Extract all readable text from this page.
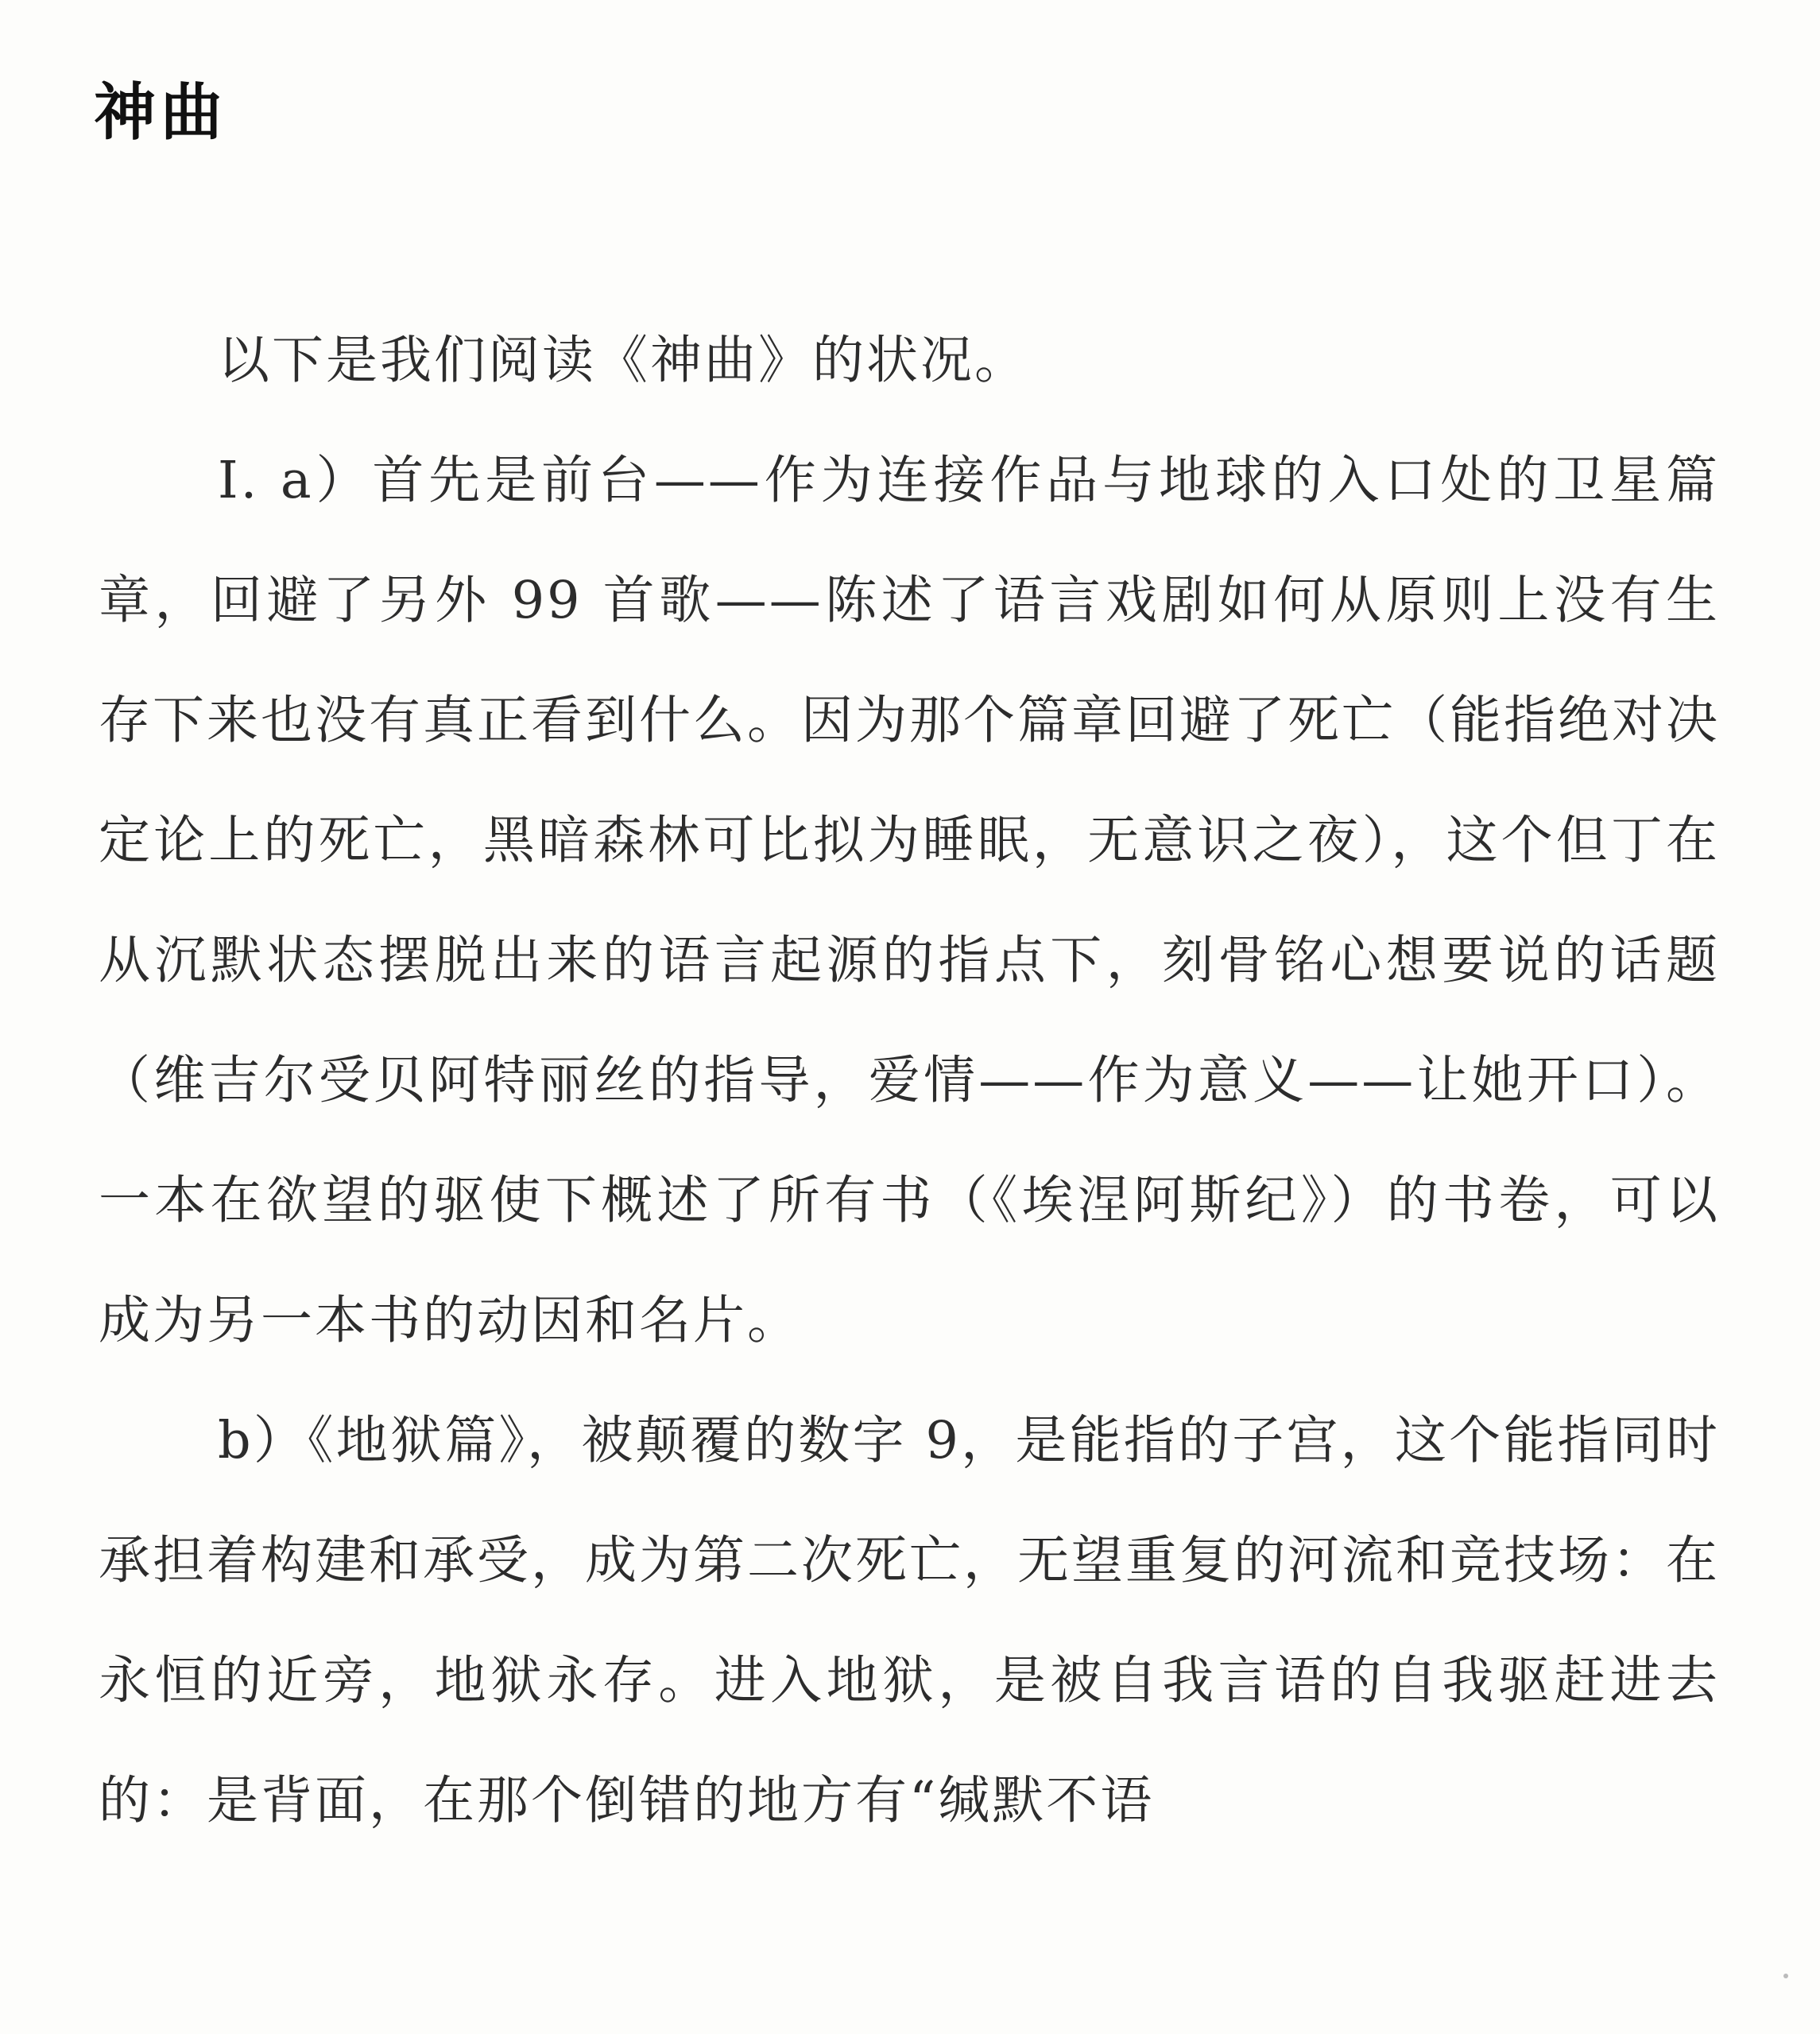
神曲

以下是我们阅读《神曲》的状况。

I. a）首先是前台——作为连接作品与地球的入口处的卫星篇章，回避了另外 99 首歌——陈述了语言戏剧如何从原则上没有生存下来也没有真正看到什么。因为那个篇章回避了死亡（能指绝对决定论上的死亡，黑暗森林可比拟为睡眠，无意识之夜），这个但丁在从沉默状态摆脱出来的语言起源的指点下，刻骨铭心想要说的话题（维吉尔受贝阿特丽丝的指导，爱情——作为意义——让她开口）。一本在欲望的驱使下概述了所有书（《埃涅阿斯纪》）的书卷，可以成为另一本书的动因和名片。

b）《地狱篇》，被颠覆的数字 9，是能指的子宫，这个能指同时承担着构建和承受，成为第二次死亡，无望重复的河流和竞技场：在永恒的近旁，地狱永存。进入地狱，是被自我言语的自我驱赶进去的：是背面，在那个倒错的地方有“缄默不语
